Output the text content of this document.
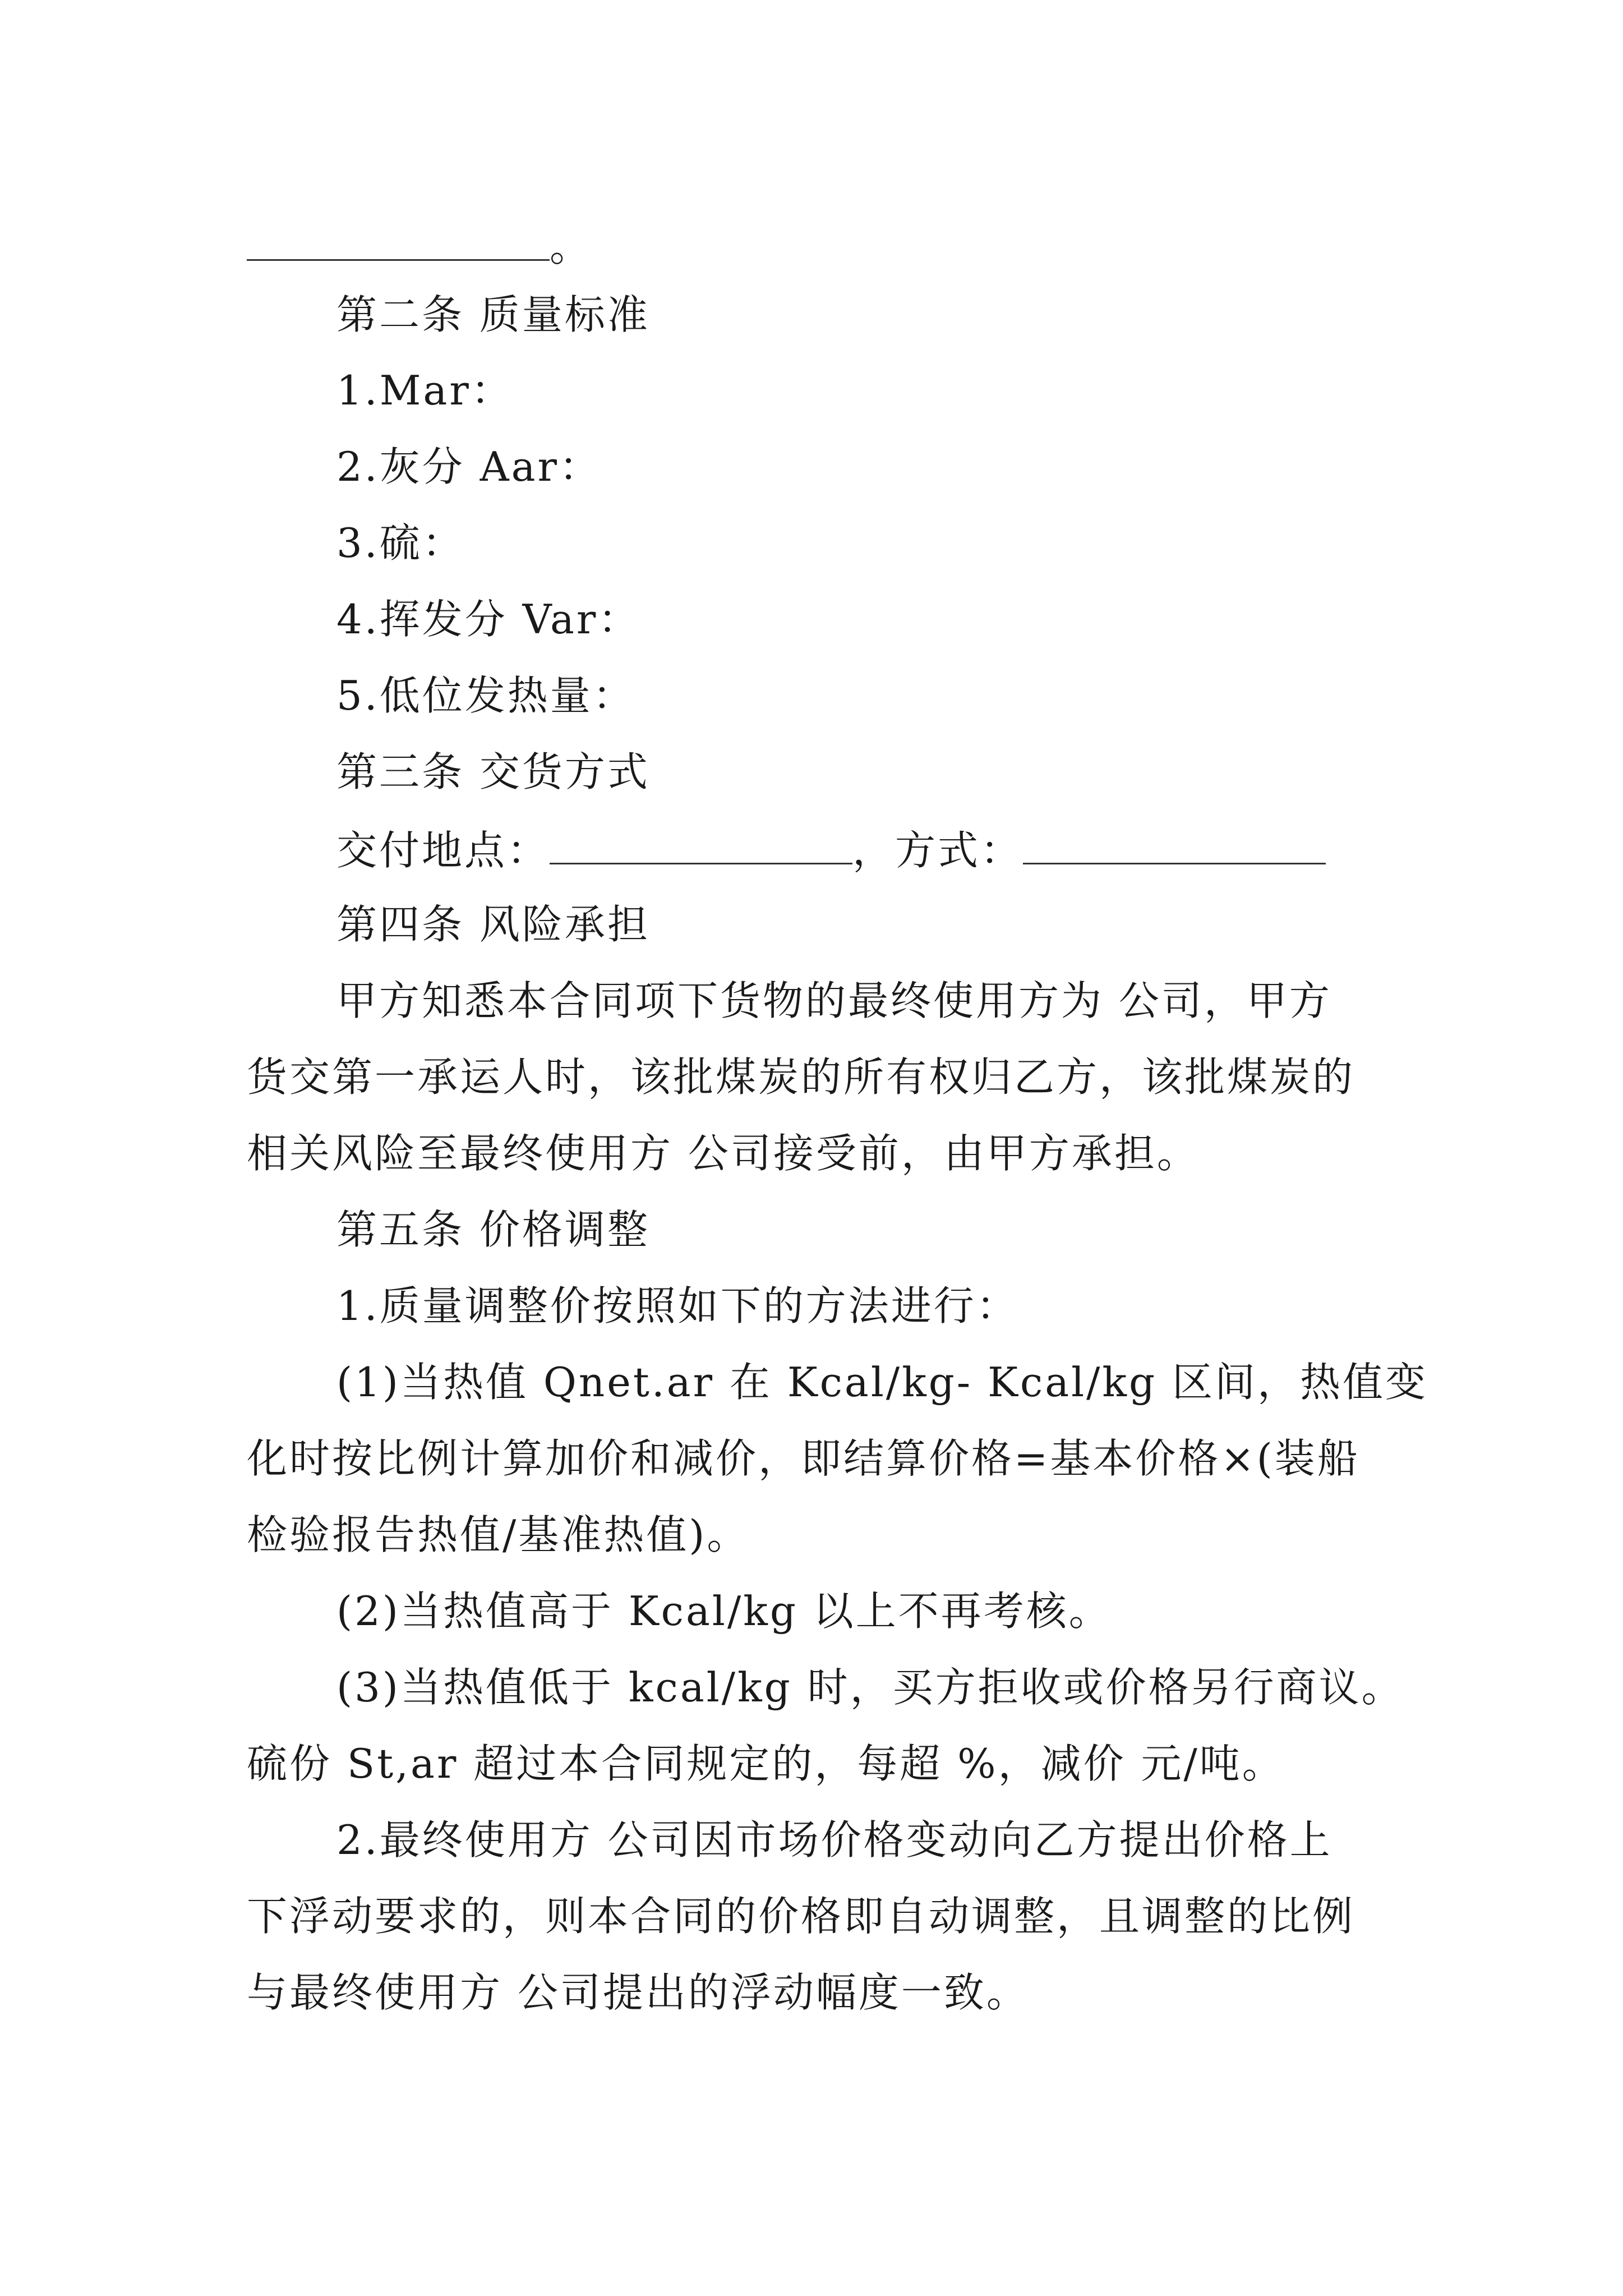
。
第二条 质量标准
1.Mar：
2.灰分 Aar：
3.硫：
4.挥发分 Var：
5.低位发热量：
第三条 交货方式
交付地点：	，方式：
第四条 风险承担
甲方知悉本合同项下货物的最终使用方为 公司，甲方
货交第一承运人时，该批煤炭的所有权归乙方，该批煤炭的
相关风险至最终使用方 公司接受前，由甲方承担。
第五条 价格调整
1.质量调整价按照如下的方法进行：
(1)当热值 Qnet.ar 在 Kcal/kg- Kcal/kg 区间，热值变
化时按比例计算加价和减价，即结算价格=基本价格×(装船
检验报告热值/基准热值)。
(2)当热值高于 Kcal/kg 以上不再考核。
(3)当热值低于 kcal/kg 时，买方拒收或价格另行商议。
硫份 St,ar 超过本合同规定的，每超 %，减价 元/吨。
2.最终使用方 公司因市场价格变动向乙方提出价格上
下浮动要求的，则本合同的价格即自动调整，且调整的比例
与最终使用方 公司提出的浮动幅度一致。
